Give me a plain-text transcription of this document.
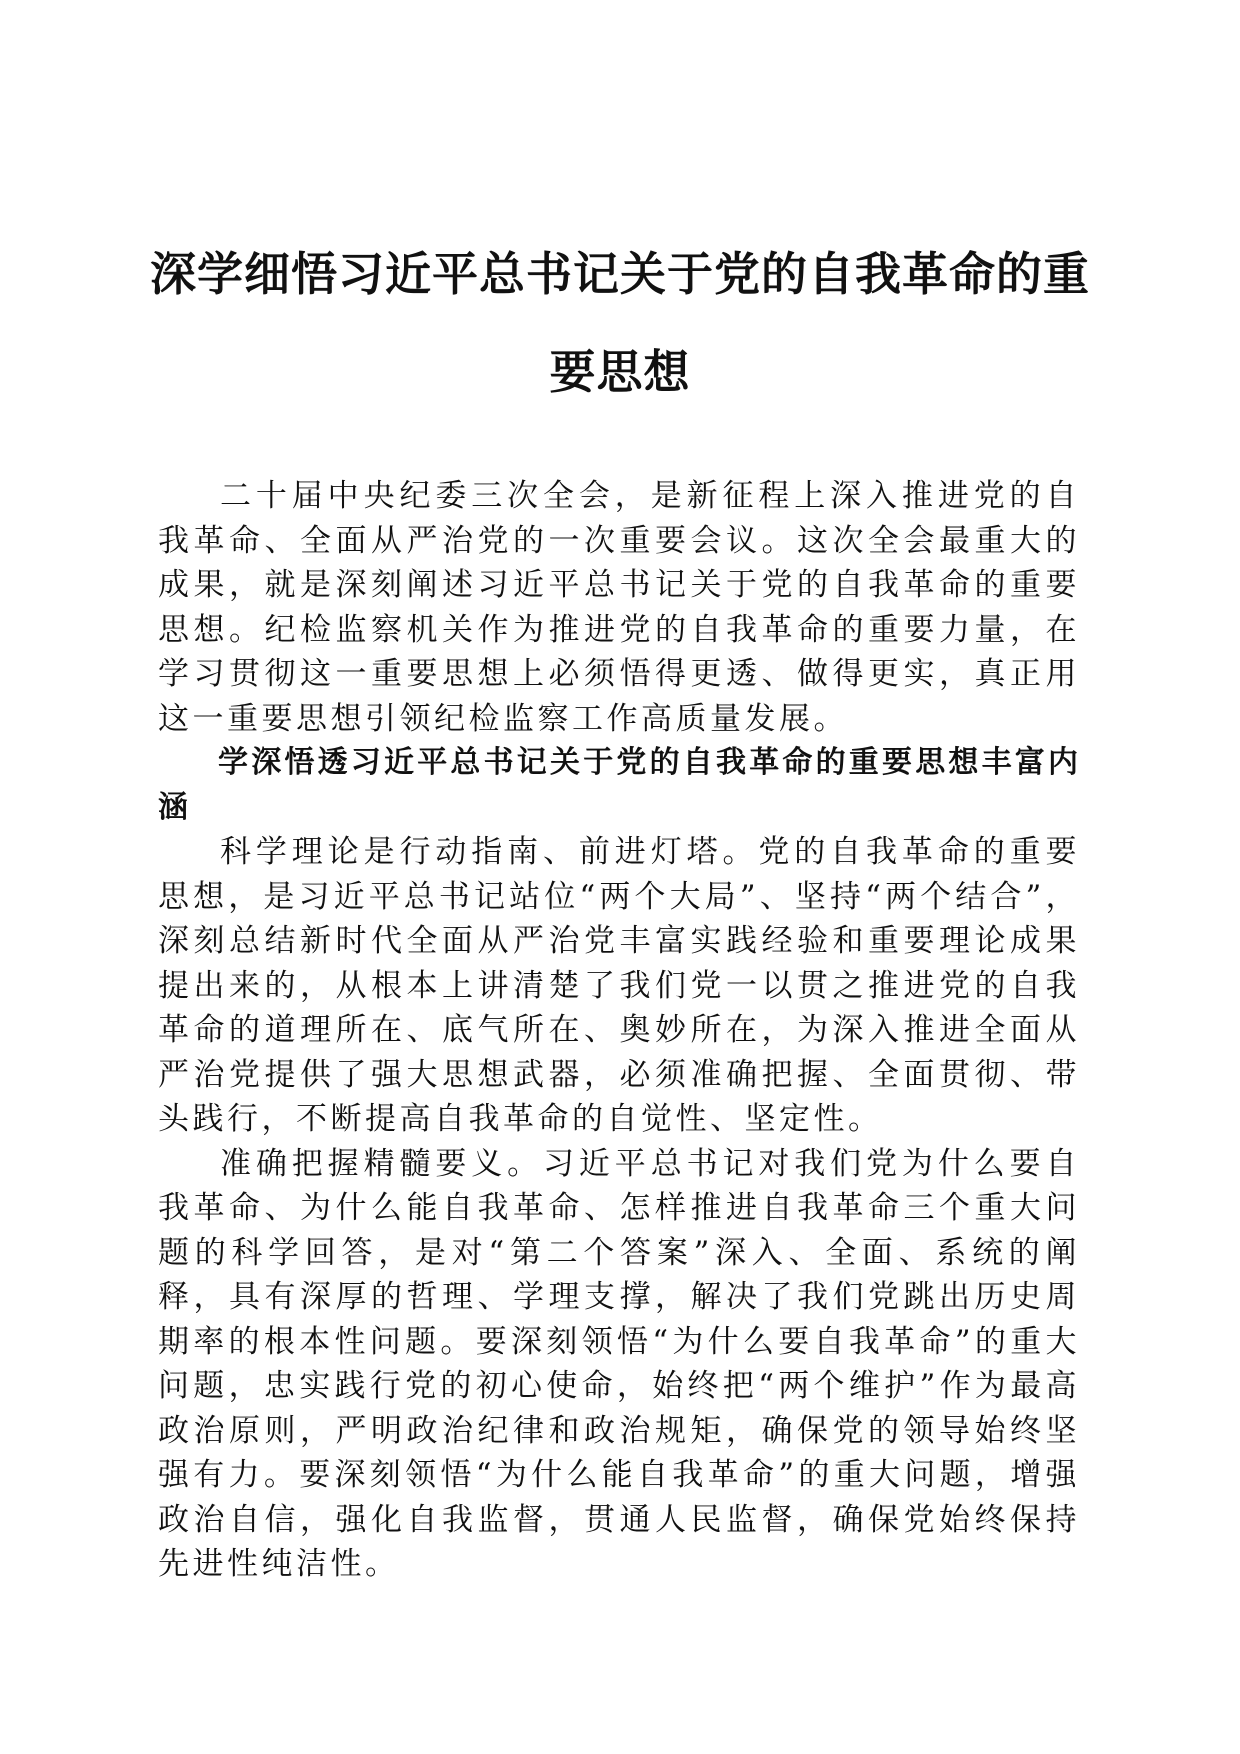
深学细悟习近平总书记关于党的自我革命的重要思想

二十届中央纪委三次全会，是新征程上深入推进党的自我革命、全面从严治党的一次重要会议。这次全会最重大的成果，就是深刻阐述习近平总书记关于党的自我革命的重要思想。纪检监察机关作为推进党的自我革命的重要力量，在学习贯彻这一重要思想上必须悟得更透、做得更实，真正用这一重要思想引领纪检监察工作高质量发展。

学深悟透习近平总书记关于党的自我革命的重要思想丰富内涵

科学理论是行动指南、前进灯塔。党的自我革命的重要思想，是习近平总书记站位“两个大局”、坚持“两个结合”，深刻总结新时代全面从严治党丰富实践经验和重要理论成果提出来的，从根本上讲清楚了我们党一以贯之推进党的自我革命的道理所在、底气所在、奥妙所在，为深入推进全面从严治党提供了强大思想武器，必须准确把握、全面贯彻、带头践行，不断提高自我革命的自觉性、坚定性。

准确把握精髓要义。习近平总书记对我们党为什么要自我革命、为什么能自我革命、怎样推进自我革命三个重大问题的科学回答，是对“第二个答案”深入、全面、系统的阐释，具有深厚的哲理、学理支撑，解决了我们党跳出历史周期率的根本性问题。要深刻领悟“为什么要自我革命”的重大问题，忠实践行党的初心使命，始终把“两个维护”作为最高政治原则，严明政治纪律和政治规矩，确保党的领导始终坚强有力。要深刻领悟“为什么能自我革命”的重大问题，增强政治自信，强化自我监督，贯通人民监督，确保党始终保持先进性纯洁性。
